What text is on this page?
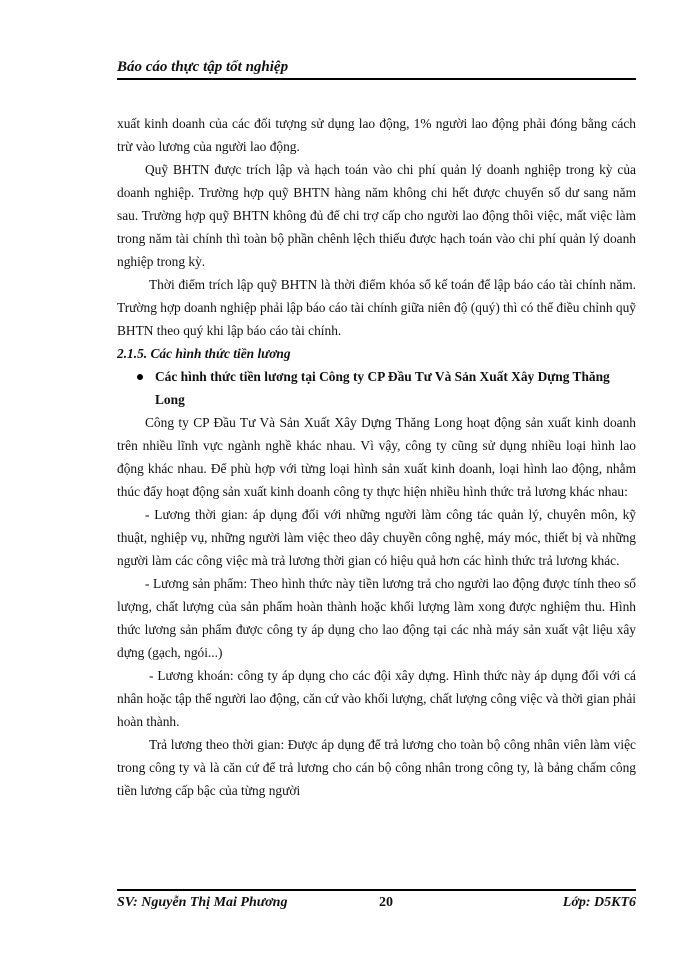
Báo cáo thực tập tốt nghiệp

xuất kinh doanh của các đối tượng sử dụng lao động, 1% người lao động phải đóng bằng cách trừ vào lương của người lao động.

Quỹ BHTN được trích lập và hạch toán vào chi phí quản lý doanh nghiệp trong kỳ của doanh nghiệp. Trường hợp quỹ BHTN hàng năm không chi hết được chuyển số dư sang năm sau. Trường hợp quỹ BHTN không đủ để chi trợ cấp cho người lao động thôi việc, mất việc làm trong năm tài chính thì toàn bộ phần chênh lệch thiếu được hạch toán vào chi phí quản lý doanh nghiệp trong kỳ.

Thời điểm trích lập quỹ BHTN là thời điểm khóa sổ kế toán để lập báo cáo tài chính năm. Trường hợp doanh nghiệp phải lập báo cáo tài chính giữa niên độ (quý) thì có thể điều chỉnh quỹ BHTN theo quý khi lập báo cáo tài chính.

2.1.5. Các hình thức tiền lương

Các hình thức tiền lương tại Công ty CP Đầu Tư Và Sản Xuất Xây Dựng Thăng Long

Công ty CP Đầu Tư Và Sản Xuất Xây Dựng Thăng Long hoạt động sản xuất kinh doanh trên nhiều lĩnh vực ngành nghề khác nhau. Vì vậy, công ty cũng sử dụng nhiều loại hình lao động khác nhau. Để phù hợp với từng loại hình sản xuất kinh doanh, loại hình lao động, nhằm thúc đẩy hoạt động sản xuất kinh doanh công ty thực hiện nhiều hình thức trả lương khác nhau:

- Lương thời gian: áp dụng đối với những người làm công tác quản lý, chuyên môn, kỹ thuật, nghiệp vụ, những người làm việc theo dây chuyền công nghệ, máy móc, thiết bị và những người làm các công việc mà trả lương thời gian có hiệu quả hơn các hình thức trả lương khác.

- Lương sản phẩm: Theo hình thức này tiền lương trả cho người lao động được tính theo số lượng, chất lượng của sản phẩm hoàn thành hoặc khối lượng làm xong được nghiệm thu. Hình thức lương sản phẩm được công ty áp dụng cho lao động tại các nhà máy sản xuất vật liệu xây dựng (gạch, ngói...)

- Lương khoán: công ty áp dụng cho các đội xây dựng. Hình thức này áp dụng đối với cá nhân hoặc tập thể người lao động, căn cứ vào khối lượng, chất lượng công việc và thời gian phải hoàn thành.

Trả lương theo thời gian: Được áp dụng để trả lương cho toàn bộ công nhân viên làm việc trong công ty và là căn cứ để trả lương cho cán bộ công nhân trong công ty, là bảng chấm công tiền lương cấp bậc của từng người

SV: Nguyễn Thị Mai Phương	20	Lớp: D5KT6
